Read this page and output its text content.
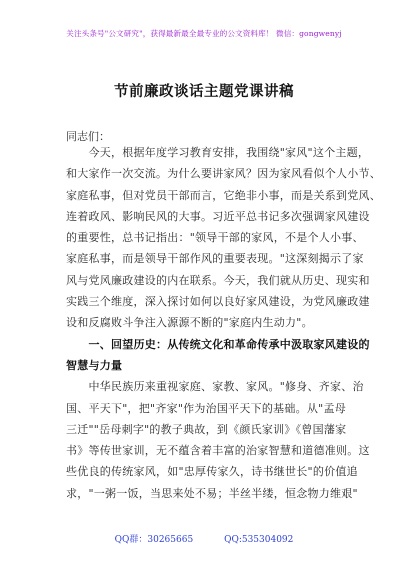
关注头条号"公文研究"，获得最新最全最专业的公文资料库！ 微信：gongwenyj
节前廉政谈话主题党课讲稿
同志们：
　　今天，根据年度学习教育安排，我围绕"家风"这个主题，
和大家作一次交流。为什么要讲家风？因为家风看似个人小节、
家庭私事，但对党员干部而言，它绝非小事，而是关系到党风、
连着政风、影响民风的大事。习近平总书记多次强调家风建设
的重要性，总书记指出："领导干部的家风，不是个人小事、
家庭私事，而是领导干部作风的重要表现。"这深刻揭示了家
风与党风廉政建设的内在联系。今天，我们就从历史、现实和
实践三个维度，深入探讨如何以良好家风建设，为党风廉政建
设和反腐败斗争注入源源不断的"家庭内生动力"。
　　一、回望历史：从传统文化和革命传承中汲取家风建设的
智慧与力量
　　中华民族历来重视家庭、家教、家风。"修身、齐家、治
国、平天下"，把"齐家"作为治国平天下的基础。从"孟母
三迁""岳母刺字"的教子典故，到《颜氏家训》《曾国藩家
书》等传世家训，无不蕴含着丰富的治家智慧和道德准则。这
些优良的传统家风，如"忠厚传家久，诗书继世长"的价值追
求，"一粥一饭，当思来处不易；半丝半缕，恒念物力维艰"
QQ群：30265665	QQ:535304092
